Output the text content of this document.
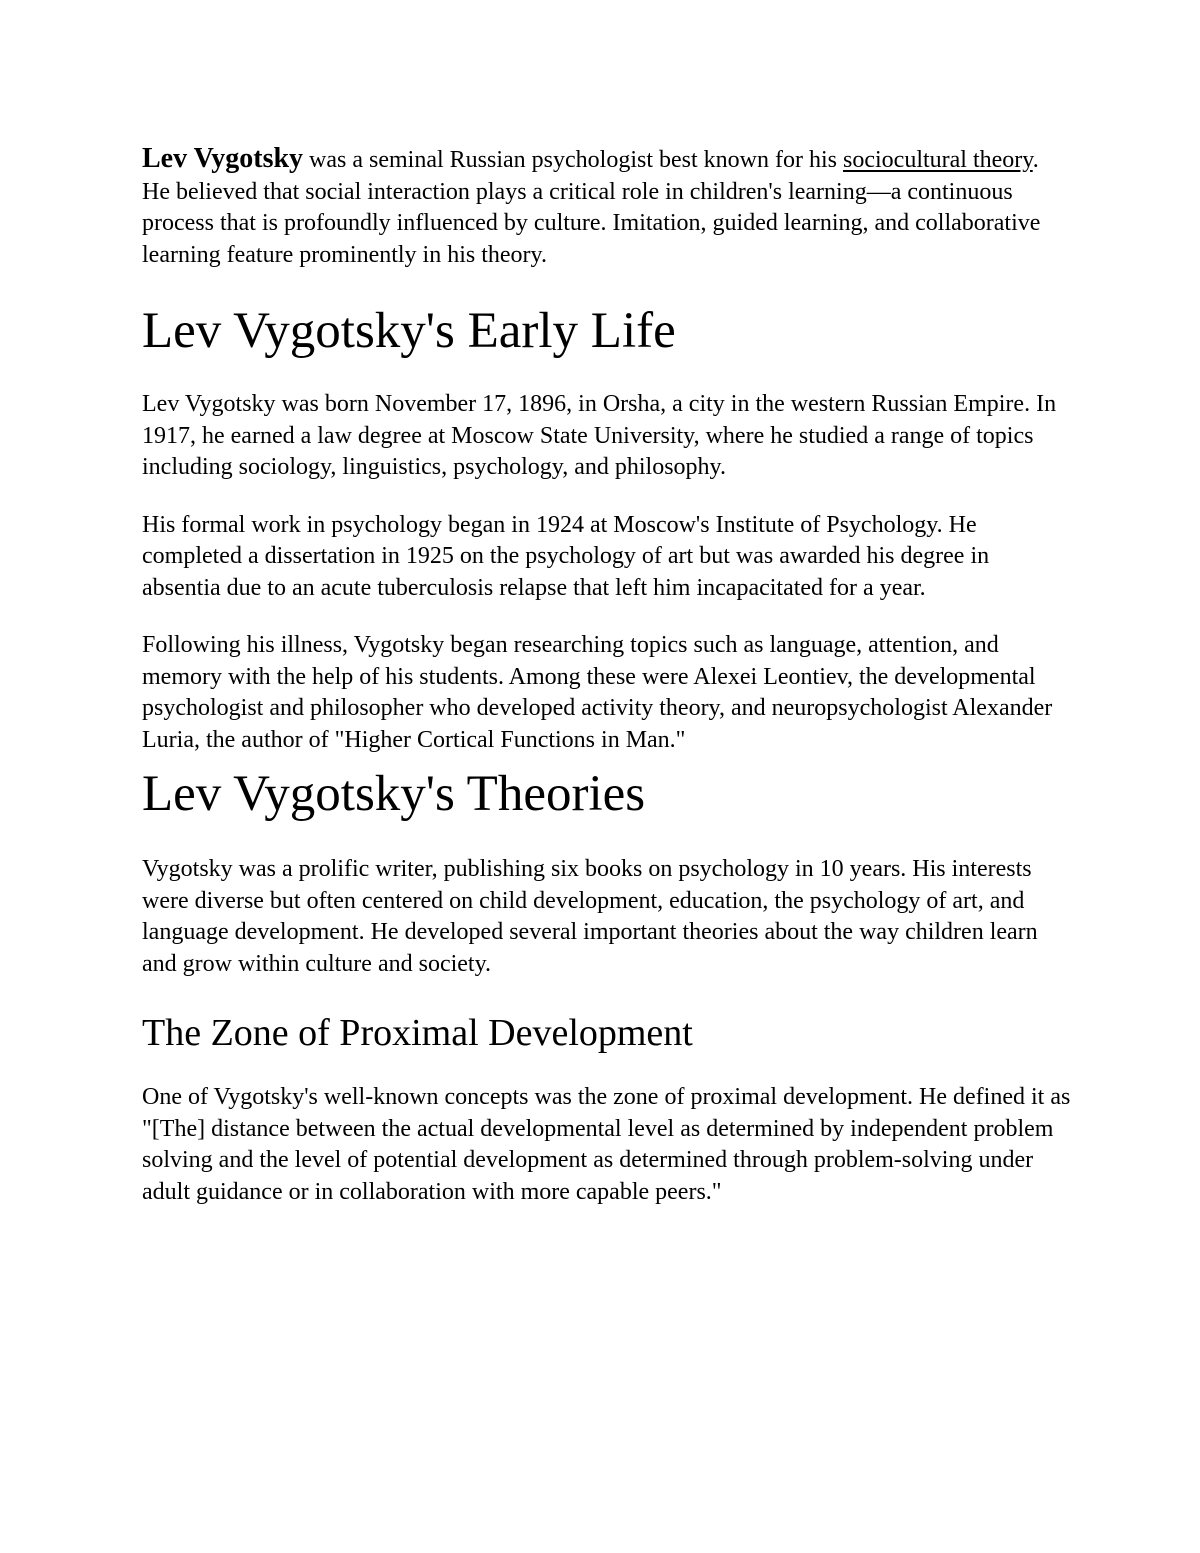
Lev Vygotsky was a seminal Russian psychologist best known for his sociocultural theory. He believed that social interaction plays a critical role in children's learning—a continuous process that is profoundly influenced by culture. Imitation, guided learning, and collaborative learning feature prominently in his theory.

Lev Vygotsky's Early Life

Lev Vygotsky was born November 17, 1896, in Orsha, a city in the western Russian Empire. In 1917, he earned a law degree at Moscow State University, where he studied a range of topics including sociology, linguistics, psychology, and philosophy.

His formal work in psychology began in 1924 at Moscow's Institute of Psychology. He completed a dissertation in 1925 on the psychology of art but was awarded his degree in absentia due to an acute tuberculosis relapse that left him incapacitated for a year.

Following his illness, Vygotsky began researching topics such as language, attention, and memory with the help of his students. Among these were Alexei Leontiev, the developmental psychologist and philosopher who developed activity theory, and neuropsychologist Alexander Luria, the author of "Higher Cortical Functions in Man."

Lev Vygotsky's Theories

Vygotsky was a prolific writer, publishing six books on psychology in 10 years. His interests were diverse but often centered on child development, education, the psychology of art, and language development. He developed several important theories about the way children learn and grow within culture and society.

The Zone of Proximal Development

One of Vygotsky's well-known concepts was the zone of proximal development. He defined it as "[The] distance between the actual developmental level as determined by independent problem solving and the level of potential development as determined through problem-solving under adult guidance or in collaboration with more capable peers."
